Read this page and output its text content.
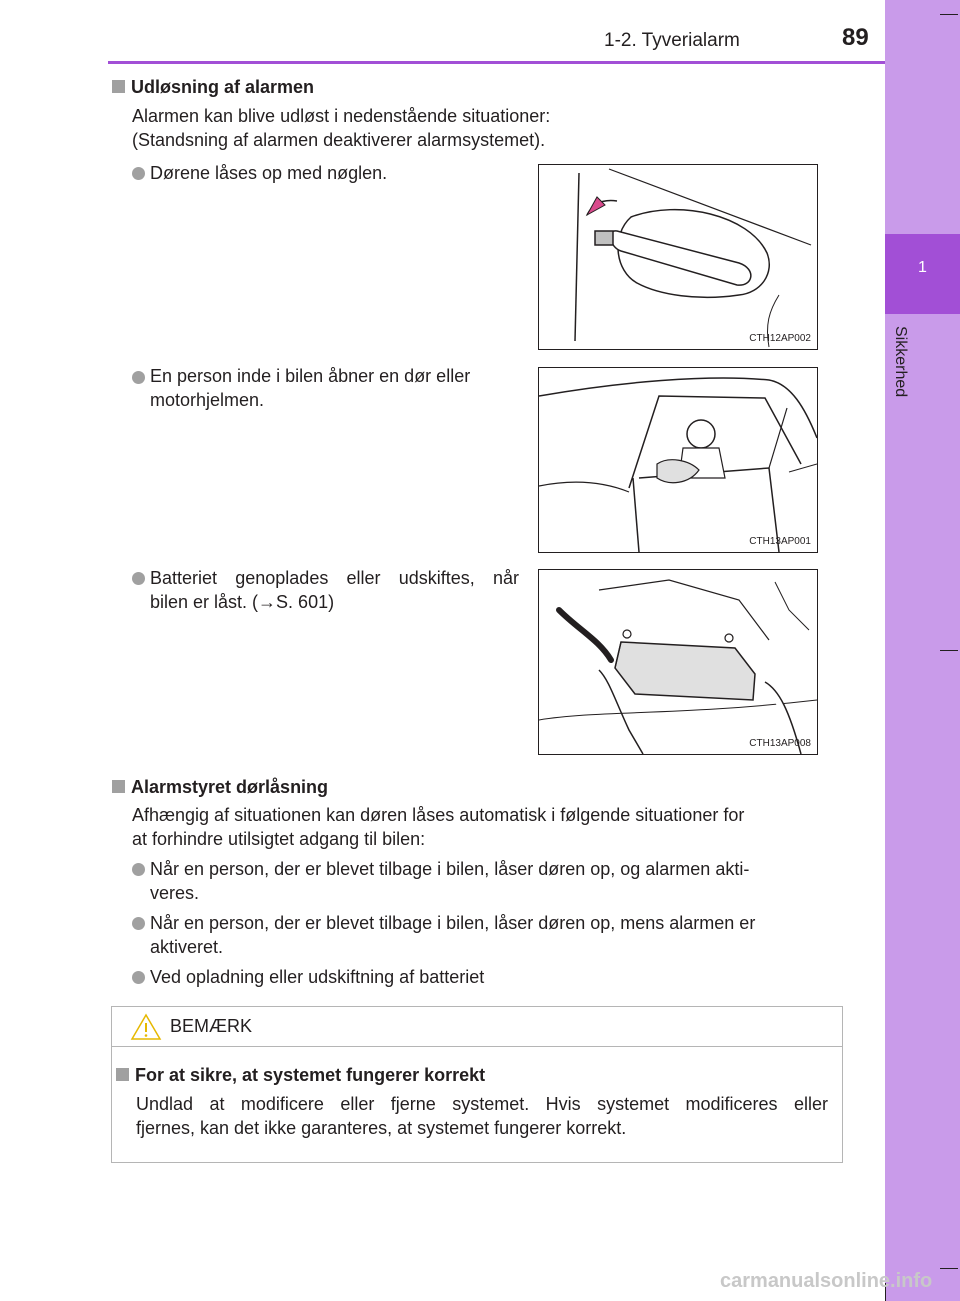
1-2. Tyverialarm	89
1
Sikkerhed
Udløsning af alarmen
Alarmen kan blive udløst i nedenstående situationer:
(Standsning af alarmen deaktiverer alarmsystemet).
Dørene låses op med nøglen.
CTH12AP002
En person inde i bilen åbner en dør eller
motorhjelmen.
CTH13AP001
Batteriet genoplades eller udskiftes, når
bilen er låst. (→S. 601)
CTH13AP008
Alarmstyret dørlåsning
Afhængig af situationen kan døren låses automatisk i følgende situationer for
at forhindre utilsigtet adgang til bilen:
Når en person, der er blevet tilbage i bilen, låser døren op, og alarmen akti-
veres.
Når en person, der er blevet tilbage i bilen, låser døren op, mens alarmen er
aktiveret.
Ved opladning eller udskiftning af batteriet
BEMÆRK
For at sikre, at systemet fungerer korrekt
Undlad at modificere eller fjerne systemet. Hvis systemet modificeres eller
fjernes, kan det ikke garanteres, at systemet fungerer korrekt.
carmanualsonline.info
